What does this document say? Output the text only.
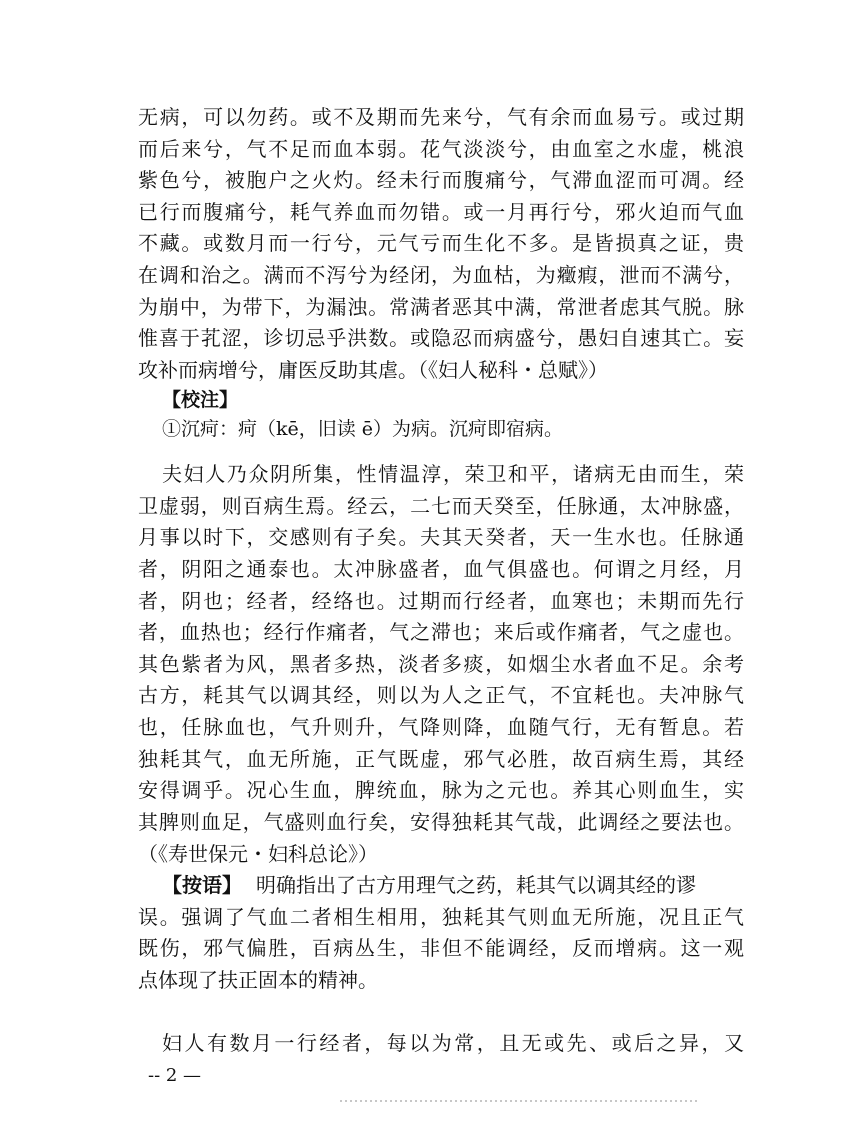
无病，可以勿药。或不及期而先来兮，气有余而血易亏。或过期
而后来兮，气不足而血本弱。花气淡淡兮，由血室之水虚，桃浪
紫色兮，被胞户之火灼。经未行而腹痛兮，气滞血涩而可凋。经
已行而腹痛兮，耗气养血而勿错。或一月再行兮，邪火迫而气血
不藏。或数月而一行兮，元气亏而生化不多。是皆损真之证，贵
在调和治之。满而不泻兮为经闭，为血枯，为癥瘕，泄而不满兮，
为崩中，为带下，为漏浊。常满者恶其中满，常泄者虑其气脱。脉
惟喜于芤涩，诊切忌乎洪数。或隐忍而病盛兮，愚妇自速其亡。妄
攻补而病增兮，庸医反助其虐。（《妇人秘科・总赋》）
【校注】
①沉疴：疴（kē，旧读 ē）为病。沉疴即宿病。
夫妇人乃众阴所集，性情温淳，荣卫和平，诸病无由而生，荣
卫虚弱，则百病生焉。经云，二七而天癸至，任脉通，太冲脉盛，
月事以时下，交感则有子矣。夫其天癸者，天一生水也。任脉通
者，阴阳之通泰也。太冲脉盛者，血气俱盛也。何谓之月经，月
者，阴也；经者，经络也。过期而行经者，血寒也；未期而先行
者，血热也；经行作痛者，气之滞也；来后或作痛者，气之虚也。
其色紫者为风，黑者多热，淡者多痰，如烟尘水者血不足。余考
古方，耗其气以调其经，则以为人之正气，不宜耗也。夫冲脉气
也，任脉血也，气升则升，气降则降，血随气行，无有暂息。若
独耗其气，血无所施，正气既虚，邪气必胜，故百病生焉，其经
安得调乎。况心生血，脾统血，脉为之元也。养其心则血生，实
其脾则血足，气盛则血行矣，安得独耗其气哉，此调经之要法也。
（《寿世保元・妇科总论》）
【按语】 明确指出了古方用理气之药，耗其气以调其经的谬
误。强调了气血二者相生相用，独耗其气则血无所施，况且正气
既伤，邪气偏胜，百病丛生，非但不能调经，反而增病。这一观
点体现了扶正固本的精神。
妇人有数月一行经者，每以为常，且无或先、或后之异，又
-- 2 —
